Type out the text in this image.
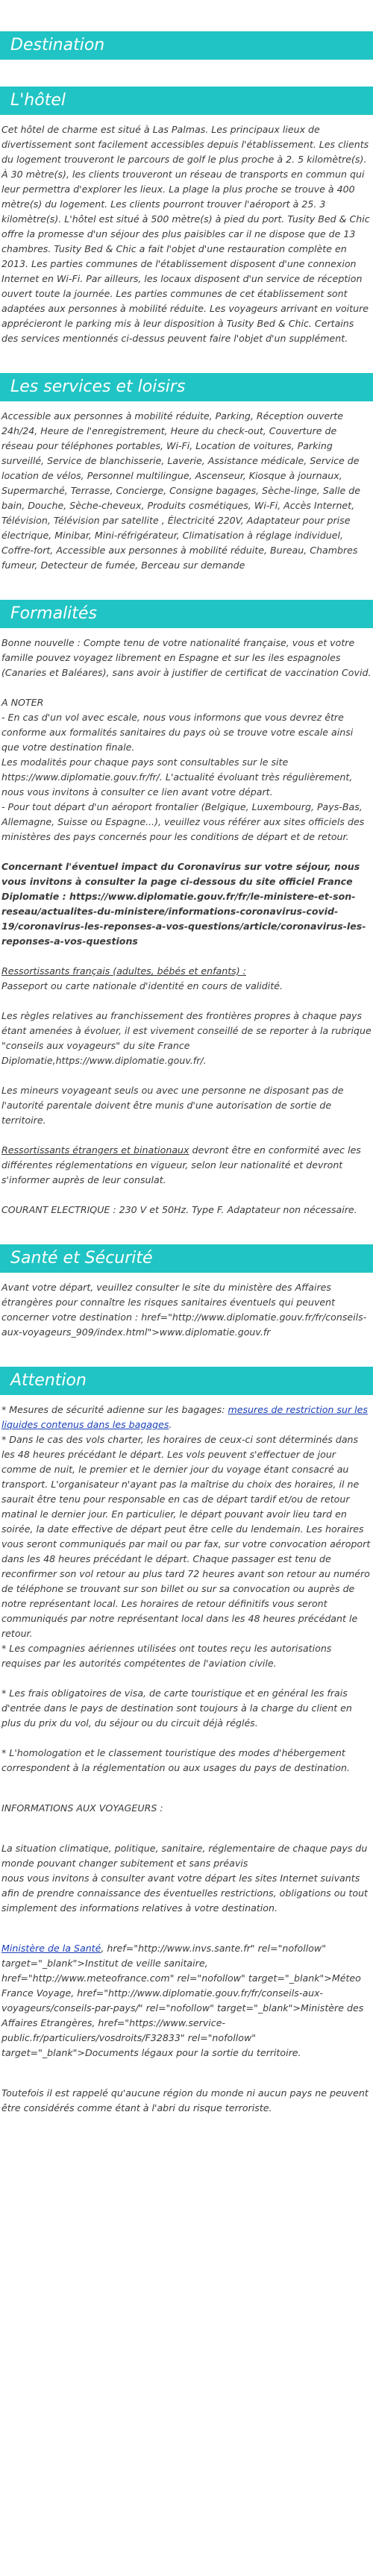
Destination
L'hôtel

Cet hôtel de charme est situé à Las Palmas. Les principaux lieux de divertissement sont facilement accessibles depuis l'établissement. Les clients du logement trouveront le parcours de golf le plus proche à 2. 5 kilomètre(s). À 30 mètre(s), les clients trouveront un réseau de transports en commun qui leur permettra d'explorer les lieux. La plage la plus proche se trouve à 400 mètre(s) du logement. Les clients pourront trouver l'aéroport à 25. 3 kilomètre(s). L'hôtel est situé à 500 mètre(s) à pied du port. Tusity Bed & Chic offre la promesse d'un séjour des plus paisibles car il ne dispose que de 13 chambres. Tusity Bed & Chic a fait l'objet d'une restauration complète en 2013. Les parties communes de l'établissement disposent d'une connexion Internet en Wi-Fi. Par ailleurs, les locaux disposent d'un service de réception ouvert toute la journée. Les parties communes de cet établissement sont adaptées aux personnes à mobilité réduite. Les voyageurs arrivant en voiture apprécieront le parking mis à leur disposition à Tusity Bed & Chic. Certains des services mentionnés ci-dessus peuvent faire l'objet d'un supplément.

Les services et loisirs

Accessible aux personnes à mobilité réduite, Parking, Réception ouverte 24h/24, Heure de l'enregistrement, Heure du check-out, Couverture de réseau pour téléphones portables, Wi-Fi, Location de voitures, Parking surveillé, Service de blanchisserie, Laverie, Assistance médicale, Service de location de vélos, Personnel multilingue, Ascenseur, Kiosque à journaux, Supermarché, Terrasse, Concierge, Consigne bagages, Sèche-linge, Salle de bain, Douche, Sèche-cheveux, Produits cosmétiques, Wi-Fi, Accès Internet, Télévision, Télévision par satellite , Électricité 220V, Adaptateur pour prise électrique, Minibar, Mini-réfrigérateur, Climatisation à réglage individuel, Coffre-fort, Accessible aux personnes à mobilité réduite, Bureau, Chambres fumeur, Detecteur de fumée, Berceau sur demande

Formalités

Bonne nouvelle : Compte tenu de votre nationalité française, vous et votre famille pouvez voyagez librement en Espagne et sur les iles espagnoles (Canaries et Baléares), sans avoir à justifier de certificat de vaccination Covid.

A NOTER
- En cas d'un vol avec escale, nous vous informons que vous devrez être conforme aux formalités sanitaires du pays où se trouve votre escale ainsi que votre destination finale.
Les modalités pour chaque pays sont consultables sur le site https://www.diplomatie.gouv.fr/fr/. L'actualité évoluant très régulièrement, nous vous invitons à consulter ce lien avant votre départ.
- Pour tout départ d'un aéroport frontalier (Belgique, Luxembourg, Pays-Bas, Allemagne, Suisse ou Espagne...), veuillez vous référer aux sites officiels des ministères des pays concernés pour les conditions de départ et de retour.

Concernant l'éventuel impact du Coronavirus sur votre séjour, nous vous invitons à consulter la page ci-dessous du site officiel France Diplomatie : https://www.diplomatie.gouv.fr/fr/le-ministere-et-son-reseau/actualites-du-ministere/informations-coronavirus-covid-19/coronavirus-les-reponses-a-vos-questions/article/coronavirus-les-reponses-a-vos-questions

Ressortissants français (adultes, bébés et enfants) :
Passeport ou carte nationale d'identité en cours de validité.

Les règles relatives au franchissement des frontières propres à chaque pays étant amenées à évoluer, il est vivement conseillé de se reporter à la rubrique "conseils aux voyageurs" du site France Diplomatie,https://www.diplomatie.gouv.fr/.

Les mineurs voyageant seuls ou avec une personne ne disposant pas de l'autorité parentale doivent être munis d'une autorisation de sortie de territoire.

Ressortissants étrangers et binationaux devront être en conformité avec les différentes réglementations en vigueur, selon leur nationalité et devront s'informer auprès de leur consulat.

COURANT ELECTRIQUE : 230 V et 50Hz. Type F. Adaptateur non nécessaire.

Santé et Sécurité

Avant votre départ, veuillez consulter le site du ministère des Affaires étrangères pour connaître les risques sanitaires éventuels qui peuvent concerner votre destination : href="http://www.diplomatie.gouv.fr/fr/conseils-aux-voyageurs_909/index.html">www.diplomatie.gouv.fr

Attention

* Mesures de sécurité adienne sur les bagages: mesures de restriction sur les liquides contenus dans les bagages.

* Dans le cas des vols charter, les horaires de ceux-ci sont déterminés dans les 48 heures précédant le départ. Les vols peuvent s'effectuer de jour comme de nuit, le premier et le dernier jour du voyage étant consacré au transport. L'organisateur n'ayant pas la maîtrise du choix des horaires, il ne saurait être tenu pour responsable en cas de départ tardif et/ou de retour matinal le dernier jour. En particulier, le départ pouvant avoir lieu tard en soirée, la date effective de départ peut être celle du lendemain. Les horaires vous seront communiqués par mail ou par fax, sur votre convocation aéroport dans les 48 heures précédant le départ. Chaque passager est tenu de reconfirmer son vol retour au plus tard 72 heures avant son retour au numéro de téléphone se trouvant sur son billet ou sur sa convocation ou auprès de notre représentant local. Les horaires de retour définitifs vous seront communiqués par notre représentant local dans les 48 heures précédant le retour.
* Les compagnies aériennes utilisées ont toutes reçu les autorisations requises par les autorités compétentes de l'aviation civile.

* Les frais obligatoires de visa, de carte touristique et en général les frais d'entrée dans le pays de destination sont toujours à la charge du client en plus du prix du vol, du séjour ou du circuit déjà réglés.

* L'homologation et le classement touristique des modes d'hébergement correspondent à la réglementation ou aux usages du pays de destination.

INFORMATIONS AUX VOYAGEURS :

La situation climatique, politique, sanitaire, réglementaire de chaque pays du monde pouvant changer subitement et sans préavis
nous vous invitons à consulter avant votre départ les sites Internet suivants afin de prendre connaissance des éventuelles restrictions, obligations ou tout simplement des informations relatives à votre destination.

Ministère de la Santé, href="http://www.invs.sante.fr" rel="nofollow" target="_blank">Institut de veille sanitaire, href="http://www.meteofrance.com" rel="nofollow" target="_blank">Méteo France Voyage, href="http://www.diplomatie.gouv.fr/fr/conseils-aux-voyageurs/conseils-par-pays/" rel="nofollow" target="_blank">Ministère des Affaires Etrangères, href="https://www.service-public.fr/particuliers/vosdroits/F32833" rel="nofollow" target="_blank">Documents légaux pour la sortie du territoire.

Toutefois il est rappelé qu'aucune région du monde ni aucun pays ne peuvent être considérés comme étant à l'abri du risque terroriste.
